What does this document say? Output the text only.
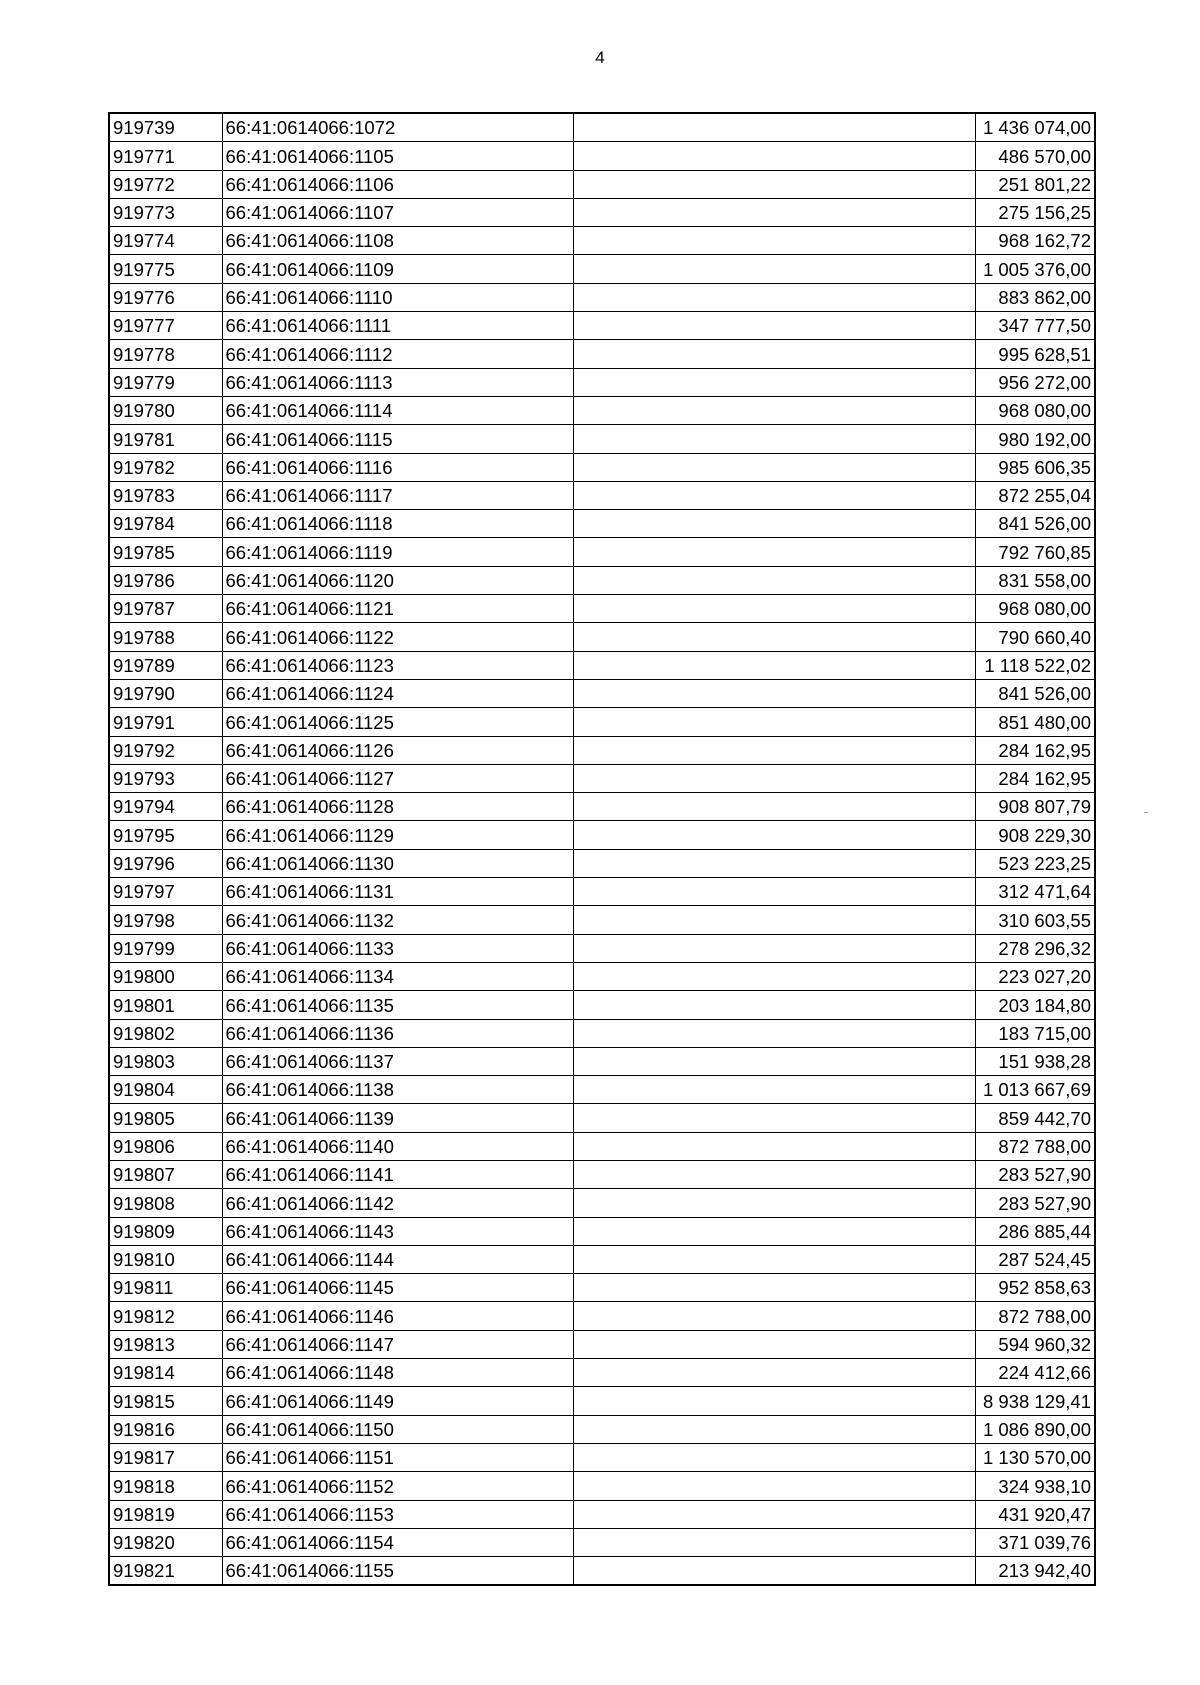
4
919739	66:41:0614066:1072		1 436 074,00
919771	66:41:0614066:1105		486 570,00
919772	66:41:0614066:1106		251 801,22
919773	66:41:0614066:1107		275 156,25
919774	66:41:0614066:1108		968 162,72
919775	66:41:0614066:1109		1 005 376,00
919776	66:41:0614066:1110		883 862,00
919777	66:41:0614066:1111		347 777,50
919778	66:41:0614066:1112		995 628,51
919779	66:41:0614066:1113		956 272,00
919780	66:41:0614066:1114		968 080,00
919781	66:41:0614066:1115		980 192,00
919782	66:41:0614066:1116		985 606,35
919783	66:41:0614066:1117		872 255,04
919784	66:41:0614066:1118		841 526,00
919785	66:41:0614066:1119		792 760,85
919786	66:41:0614066:1120		831 558,00
919787	66:41:0614066:1121		968 080,00
919788	66:41:0614066:1122		790 660,40
919789	66:41:0614066:1123		1 118 522,02
919790	66:41:0614066:1124		841 526,00
919791	66:41:0614066:1125		851 480,00
919792	66:41:0614066:1126		284 162,95
919793	66:41:0614066:1127		284 162,95
919794	66:41:0614066:1128		908 807,79
919795	66:41:0614066:1129		908 229,30
919796	66:41:0614066:1130		523 223,25
919797	66:41:0614066:1131		312 471,64
919798	66:41:0614066:1132		310 603,55
919799	66:41:0614066:1133		278 296,32
919800	66:41:0614066:1134		223 027,20
919801	66:41:0614066:1135		203 184,80
919802	66:41:0614066:1136		183 715,00
919803	66:41:0614066:1137		151 938,28
919804	66:41:0614066:1138		1 013 667,69
919805	66:41:0614066:1139		859 442,70
919806	66:41:0614066:1140		872 788,00
919807	66:41:0614066:1141		283 527,90
919808	66:41:0614066:1142		283 527,90
919809	66:41:0614066:1143		286 885,44
919810	66:41:0614066:1144		287 524,45
919811	66:41:0614066:1145		952 858,63
919812	66:41:0614066:1146		872 788,00
919813	66:41:0614066:1147		594 960,32
919814	66:41:0614066:1148		224 412,66
919815	66:41:0614066:1149		8 938 129,41
919816	66:41:0614066:1150		1 086 890,00
919817	66:41:0614066:1151		1 130 570,00
919818	66:41:0614066:1152		324 938,10
919819	66:41:0614066:1153		431 920,47
919820	66:41:0614066:1154		371 039,76
919821	66:41:0614066:1155		213 942,40
